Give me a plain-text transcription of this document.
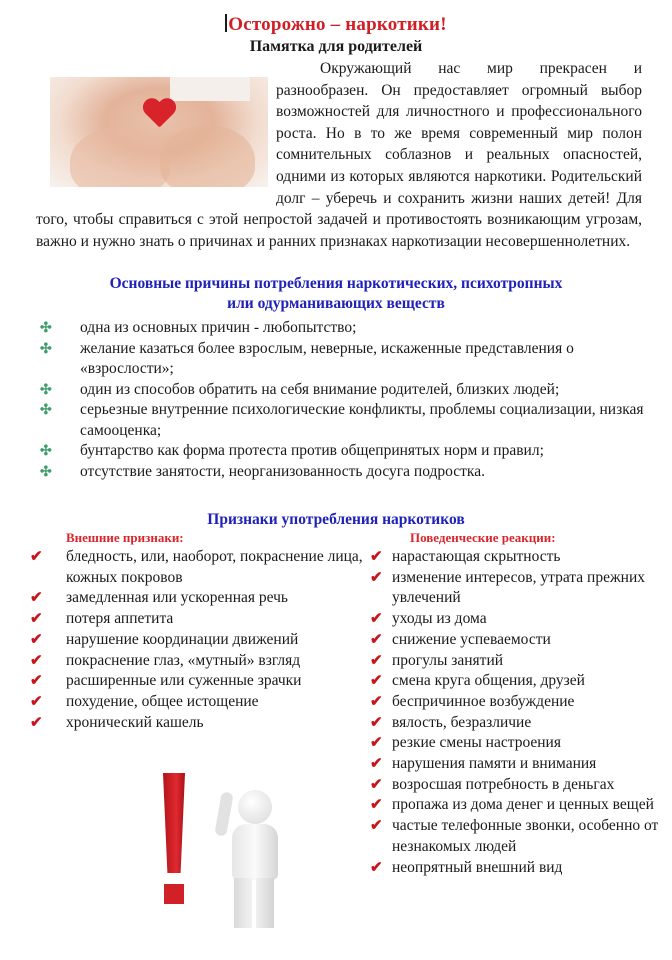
Осторожно – наркотики!
Памятка для родителей
Окружающий нас мир прекрасен и разнообразен. Он предоставляет огромный выбор возможностей для личностного и профессионального роста. Но в то же время современный мир полон сомнительных соблазнов и реальных опасностей, одними из которых являются наркотики. Родительский долг – уберечь и сохранить жизни наших детей! Для того, чтобы справиться с этой непростой задачей и противостоять возникающим угрозам, важно и нужно знать о причинах и ранних признаках наркотизации несовершеннолетних.
Основные причины потребления наркотических, психотропных
или одурманивающих веществ
✣ одна из основных причин - любопытство;
✣ желание казаться более взрослым, неверные, искаженные представления о «взрослости»;
✣ один из способов обратить на себя внимание родителей, близких людей;
✣ серьезные внутренние психологические конфликты, проблемы социализации, низкая самооценка;
✣ бунтарство как форма протеста против общепринятых норм и правил;
✣ отсутствие занятости, неорганизованность досуга подростка.
Признаки употребления наркотиков
Внешние признаки:	Поведенческие реакции:
✔ бледность, или, наоборот, покраснение лица, кожных покровов
✔ замедленная или ускоренная речь
✔ потеря аппетита
✔ нарушение координации движений
✔ покраснение глаз, «мутный» взгляд
✔ расширенные или суженные зрачки
✔ похудение, общее истощение
✔ хронический кашель
✔ нарастающая скрытность
✔ изменение интересов, утрата прежних увлечений
✔ уходы из дома
✔ снижение успеваемости
✔ прогулы занятий
✔ смена круга общения, друзей
✔ беспричинное возбуждение
✔ вялость, безразличие
✔ резкие смены настроения
✔ нарушения памяти и внимания
✔ возросшая потребность в деньгах
✔ пропажа из дома денег и ценных вещей
✔ частые телефонные звонки, особенно от незнакомых людей
✔ неопрятный внешний вид
